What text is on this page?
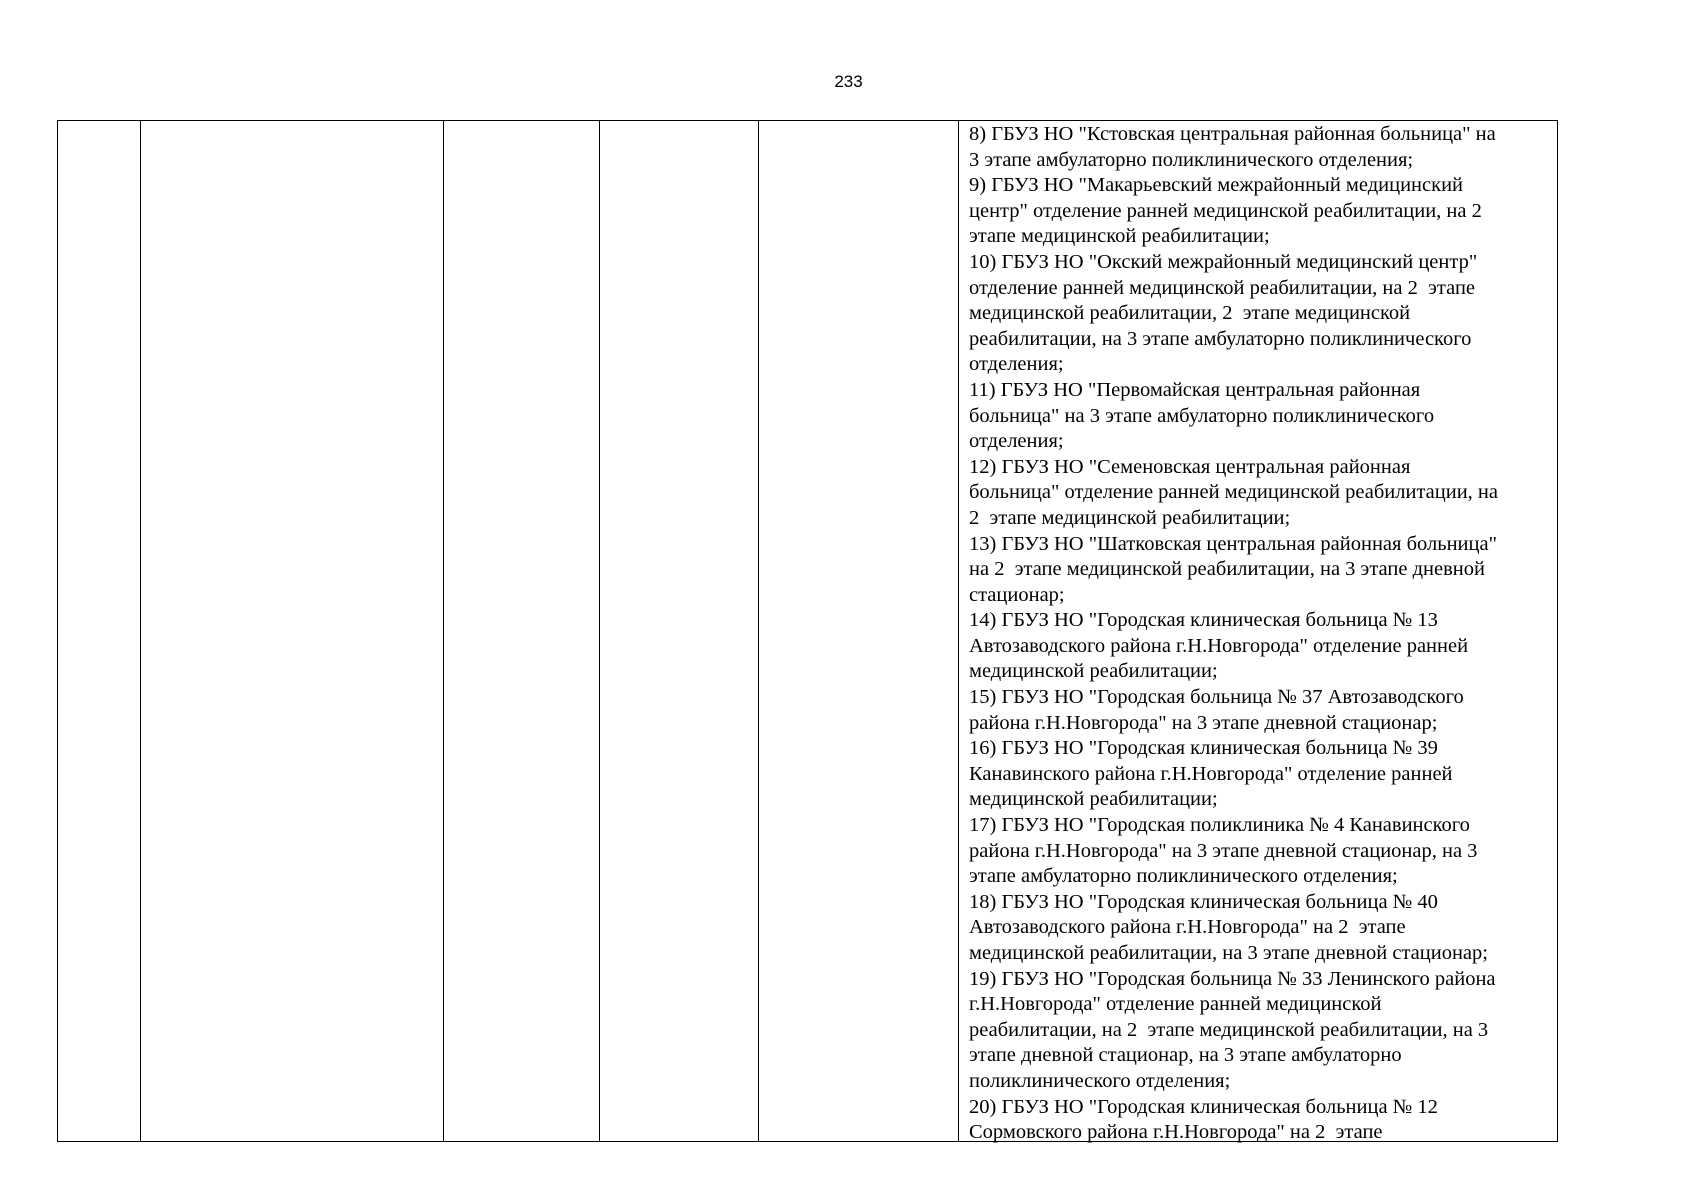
233
8) ГБУЗ НО "Кстовская центральная районная больница" на
3 этапе амбулаторно поликлинического отделения;
9) ГБУЗ НО "Макарьевский межрайонный медицинский
центр" отделение ранней медицинской реабилитации, на 2
этапе медицинской реабилитации;
10) ГБУЗ НО "Окский межрайонный медицинский центр"
отделение ранней медицинской реабилитации, на 2  этапе
медицинской реабилитации, 2  этапе медицинской
реабилитации, на 3 этапе амбулаторно поликлинического
отделения;
11) ГБУЗ НО "Первомайская центральная районная
больница" на 3 этапе амбулаторно поликлинического
отделения;
12) ГБУЗ НО "Семеновская центральная районная
больница" отделение ранней медицинской реабилитации, на
2  этапе медицинской реабилитации;
13) ГБУЗ НО "Шатковская центральная районная больница"
на 2  этапе медицинской реабилитации, на 3 этапе дневной
стационар;
14) ГБУЗ НО "Городская клиническая больница № 13
Автозаводского района г.Н.Новгорода" отделение ранней
медицинской реабилитации;
15) ГБУЗ НО "Городская больница № 37 Автозаводского
района г.Н.Новгорода" на 3 этапе дневной стационар;
16) ГБУЗ НО "Городская клиническая больница № 39
Канавинского района г.Н.Новгорода" отделение ранней
медицинской реабилитации;
17) ГБУЗ НО "Городская поликлиника № 4 Канавинского
района г.Н.Новгорода" на 3 этапе дневной стационар, на 3
этапе амбулаторно поликлинического отделения;
18) ГБУЗ НО "Городская клиническая больница № 40
Автозаводского района г.Н.Новгорода" на 2  этапе
медицинской реабилитации, на 3 этапе дневной стационар;
19) ГБУЗ НО "Городская больница № 33 Ленинского района
г.Н.Новгорода" отделение ранней медицинской
реабилитации, на 2  этапе медицинской реабилитации, на 3
этапе дневной стационар, на 3 этапе амбулаторно
поликлинического отделения;
20) ГБУЗ НО "Городская клиническая больница № 12
Сормовского района г.Н.Новгорода" на 2  этапе
